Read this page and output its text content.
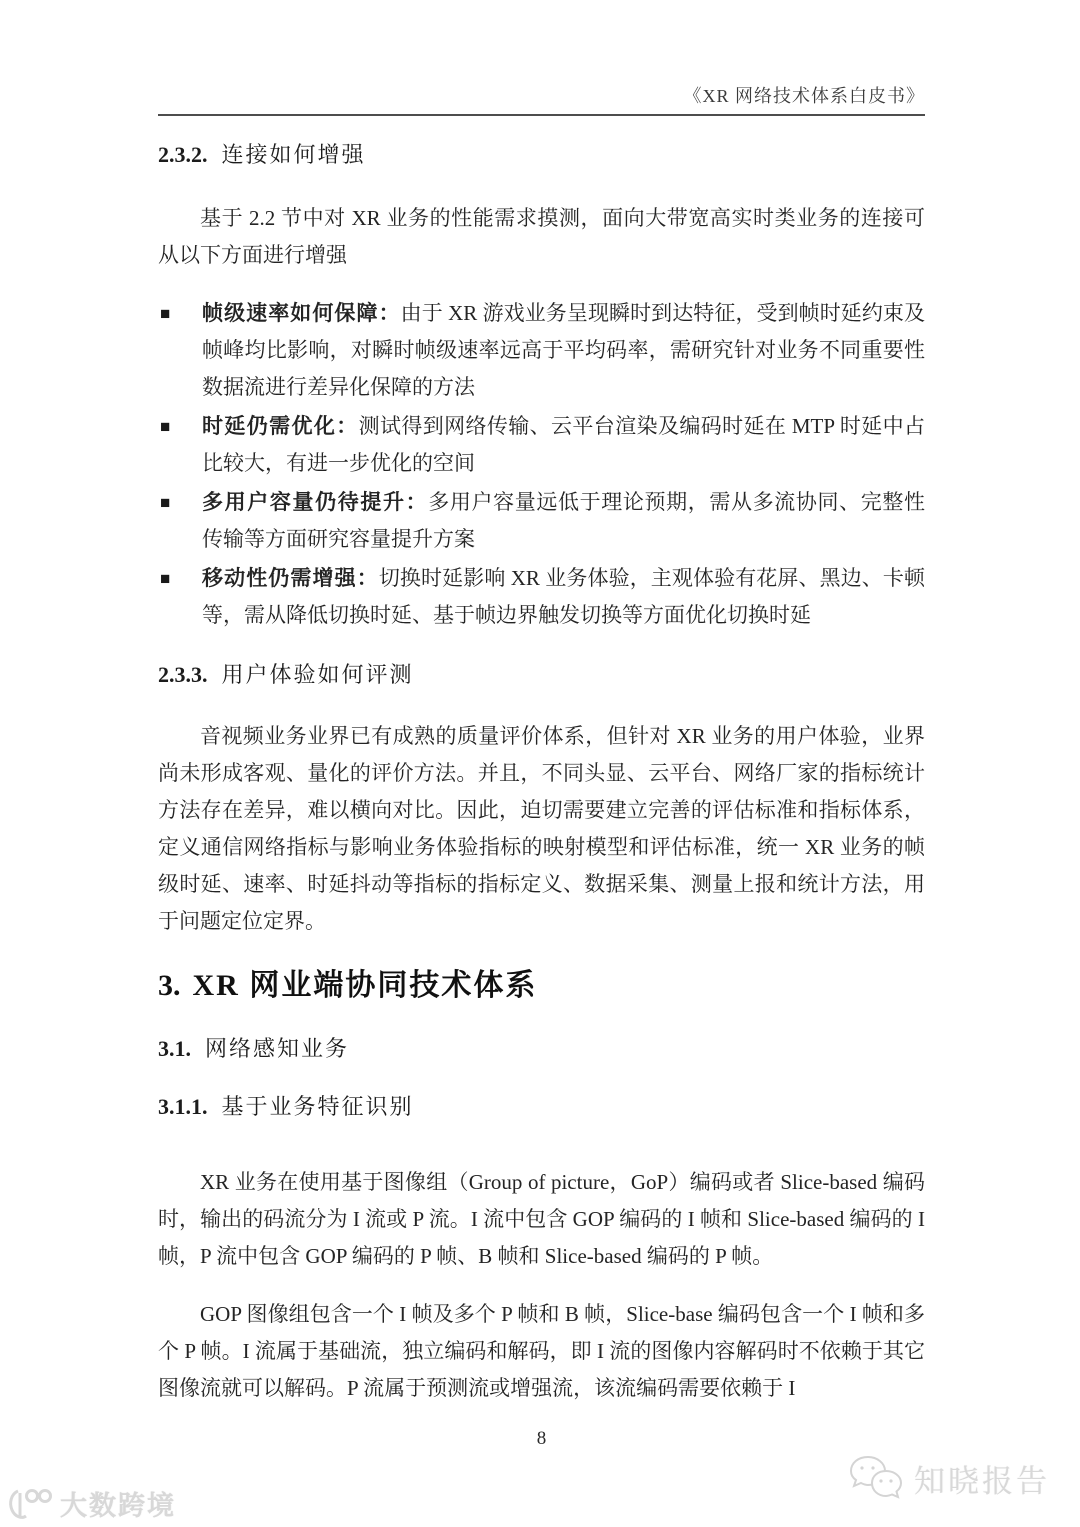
《XR 网络技术体系白皮书》
2.3.2. 连接如何增强

基于 2.2 节中对 XR 业务的性能需求摸测，面向大带宽高实时类业务的连接可从以下方面进行增强

■ 帧级速率如何保障：由于 XR 游戏业务呈现瞬时到达特征，受到帧时延约束及帧峰均比影响，对瞬时帧级速率远高于平均码率，需研究针对业务不同重要性数据流进行差异化保障的方法
■ 时延仍需优化：测试得到网络传输、云平台渲染及编码时延在 MTP 时延中占比较大，有进一步优化的空间
■ 多用户容量仍待提升：多用户容量远低于理论预期，需从多流协同、完整性传输等方面研究容量提升方案
■ 移动性仍需增强：切换时延影响 XR 业务体验，主观体验有花屏、黑边、卡顿等，需从降低切换时延、基于帧边界触发切换等方面优化切换时延
2.3.3. 用户体验如何评测

音视频业务业界已有成熟的质量评价体系，但针对 XR 业务的用户体验，业界尚未形成客观、量化的评价方法。并且，不同头显、云平台、网络厂家的指标统计方法存在差异，难以横向对比。因此，迫切需要建立完善的评估标准和指标体系，定义通信网络指标与影响业务体验指标的映射模型和评估标准，统一 XR 业务的帧级时延、速率、时延抖动等指标的指标定义、数据采集、测量上报和统计方法，用于问题定位定界。

3. XR 网业端协同技术体系
3.1. 网络感知业务
3.1.1. 基于业务特征识别

XR 业务在使用基于图像组（Group of picture，GoP）编码或者 Slice-based 编码时，输出的码流分为 I 流或 P 流。I 流中包含 GOP 编码的 I 帧和 Slice-based 编码的 I 帧，P 流中包含 GOP 编码的 P 帧、B 帧和 Slice-based 编码的 P 帧。

GOP 图像组包含一个 I 帧及多个 P 帧和 B 帧，Slice-base 编码包含一个 I 帧和多个 P 帧。I 流属于基础流，独立编码和解码，即 I 流的图像内容解码时不依赖于其它图像流就可以解码。P 流属于预测流或增强流，该流编码需要依赖于 I

8
大数跨境
知晓报告
